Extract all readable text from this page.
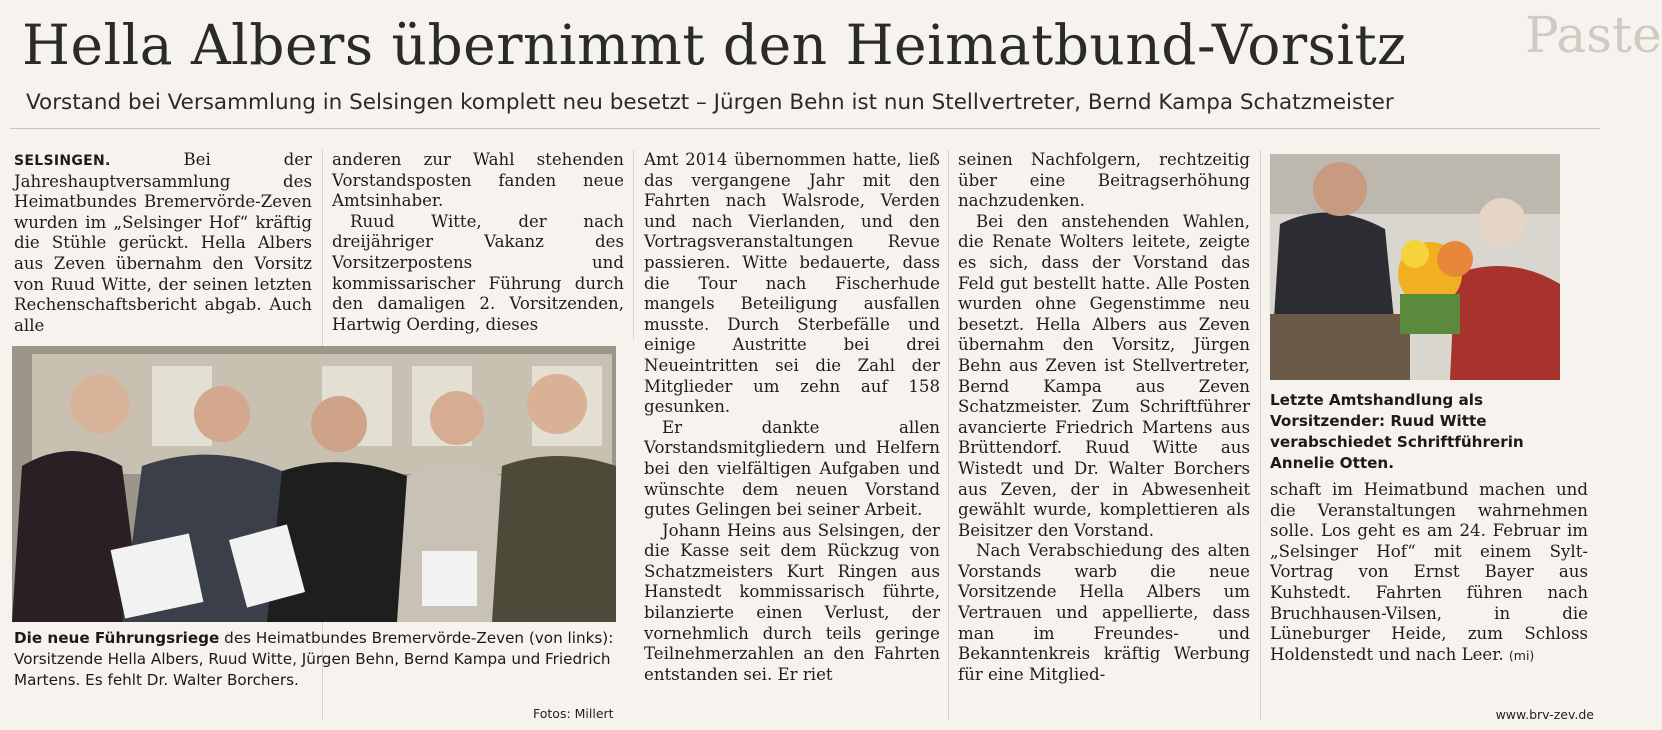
Hella Albers übernimmt den Heimatbund-Vorsitz	Paste
Vorstand bei Versammlung in Selsingen komplett neu besetzt – Jürgen Behn ist nun Stellvertreter, Bernd Kampa Schatzmeister

SELSINGEN.	Bei der Jahreshauptversammlung des Heimatbundes Bremervörde-Zeven wurden im „Selsinger Hof“ kräftig die Stühle gerückt. Hella Albers aus Zeven übernahm den Vorsitz von Ruud Witte, der seinen letzten Rechenschaftsbericht abgab. Auch alle

anderen zur Wahl stehenden Vorstandsposten fanden neue Amtsinhaber.

Ruud Witte, der nach dreijähriger Vakanz des Vorsitzerpostens und kommissarischer Führung durch den damaligen 2. Vorsitzenden, Hartwig Oerding, dieses

Die neue Führungsriege des Heimatbundes Bremervörde-Zeven (von links): Vorsitzende Hella Albers, Ruud Witte, Jürgen Behn, Bernd Kampa und Friedrich Martens. Es fehlt Dr. Walter Borchers.
Fotos: Millert

Amt 2014 übernommen hatte, ließ das vergangene Jahr mit den Fahrten nach Walsrode, Verden und nach Vierlanden, und den Vortragsveranstaltungen Revue passieren. Witte bedauerte, dass die Tour nach Fischerhude mangels Beteiligung ausfallen musste. Durch Sterbefälle und einige Austritte bei drei Neueintritten sei die Zahl der Mitglieder um zehn auf 158 gesunken.

Er dankte allen Vorstandsmitgliedern und Helfern bei den vielfältigen Aufgaben und wünschte dem neuen Vorstand gutes Gelingen bei seiner Arbeit.

Johann Heins aus Selsingen, der die Kasse seit dem Rückzug von Schatzmeisters Kurt Ringen aus Hanstedt kommissarisch führte, bilanzierte einen Verlust, der vornehmlich durch teils geringe Teilnehmerzahlen an den Fahrten entstanden sei. Er riet

seinen Nachfolgern, rechtzeitig über eine Beitragserhöhung nachzudenken.

Bei den anstehenden Wahlen, die Renate Wolters leitete, zeigte es sich, dass der Vorstand das Feld gut bestellt hatte. Alle Posten wurden ohne Gegenstimme neu besetzt. Hella Albers aus Zeven übernahm den Vorsitz, Jürgen Behn aus Zeven ist Stellvertreter, Bernd Kampa aus Zeven Schatzmeister. Zum Schriftführer avancierte Friedrich Martens aus Brüttendorf. Ruud Witte aus Wistedt und Dr. Walter Borchers aus Zeven, der in Abwesenheit gewählt wurde, komplettieren als Beisitzer den Vorstand.

Nach Verabschiedung des alten Vorstands warb die neue Vorsitzende Hella Albers um Vertrauen und appellierte, dass man im Freundes- und Bekanntenkreis kräftig Werbung für eine Mitglied-

Letzte Amtshandlung als Vorsitzender: Ruud Witte verabschiedet Schriftführerin Annelie Otten.

schaft im Heimatbund machen und die Veranstaltungen wahrnehmen solle. Los geht es am 24. Februar im „Selsinger Hof“ mit einem Sylt-Vortrag von Ernst Bayer aus Kuhstedt. Fahrten führen nach Bruchhausen-Vilsen, in die Lüneburger Heide, zum Schloss Holdenstedt und nach Leer. (mi)

www.brv-zev.de
